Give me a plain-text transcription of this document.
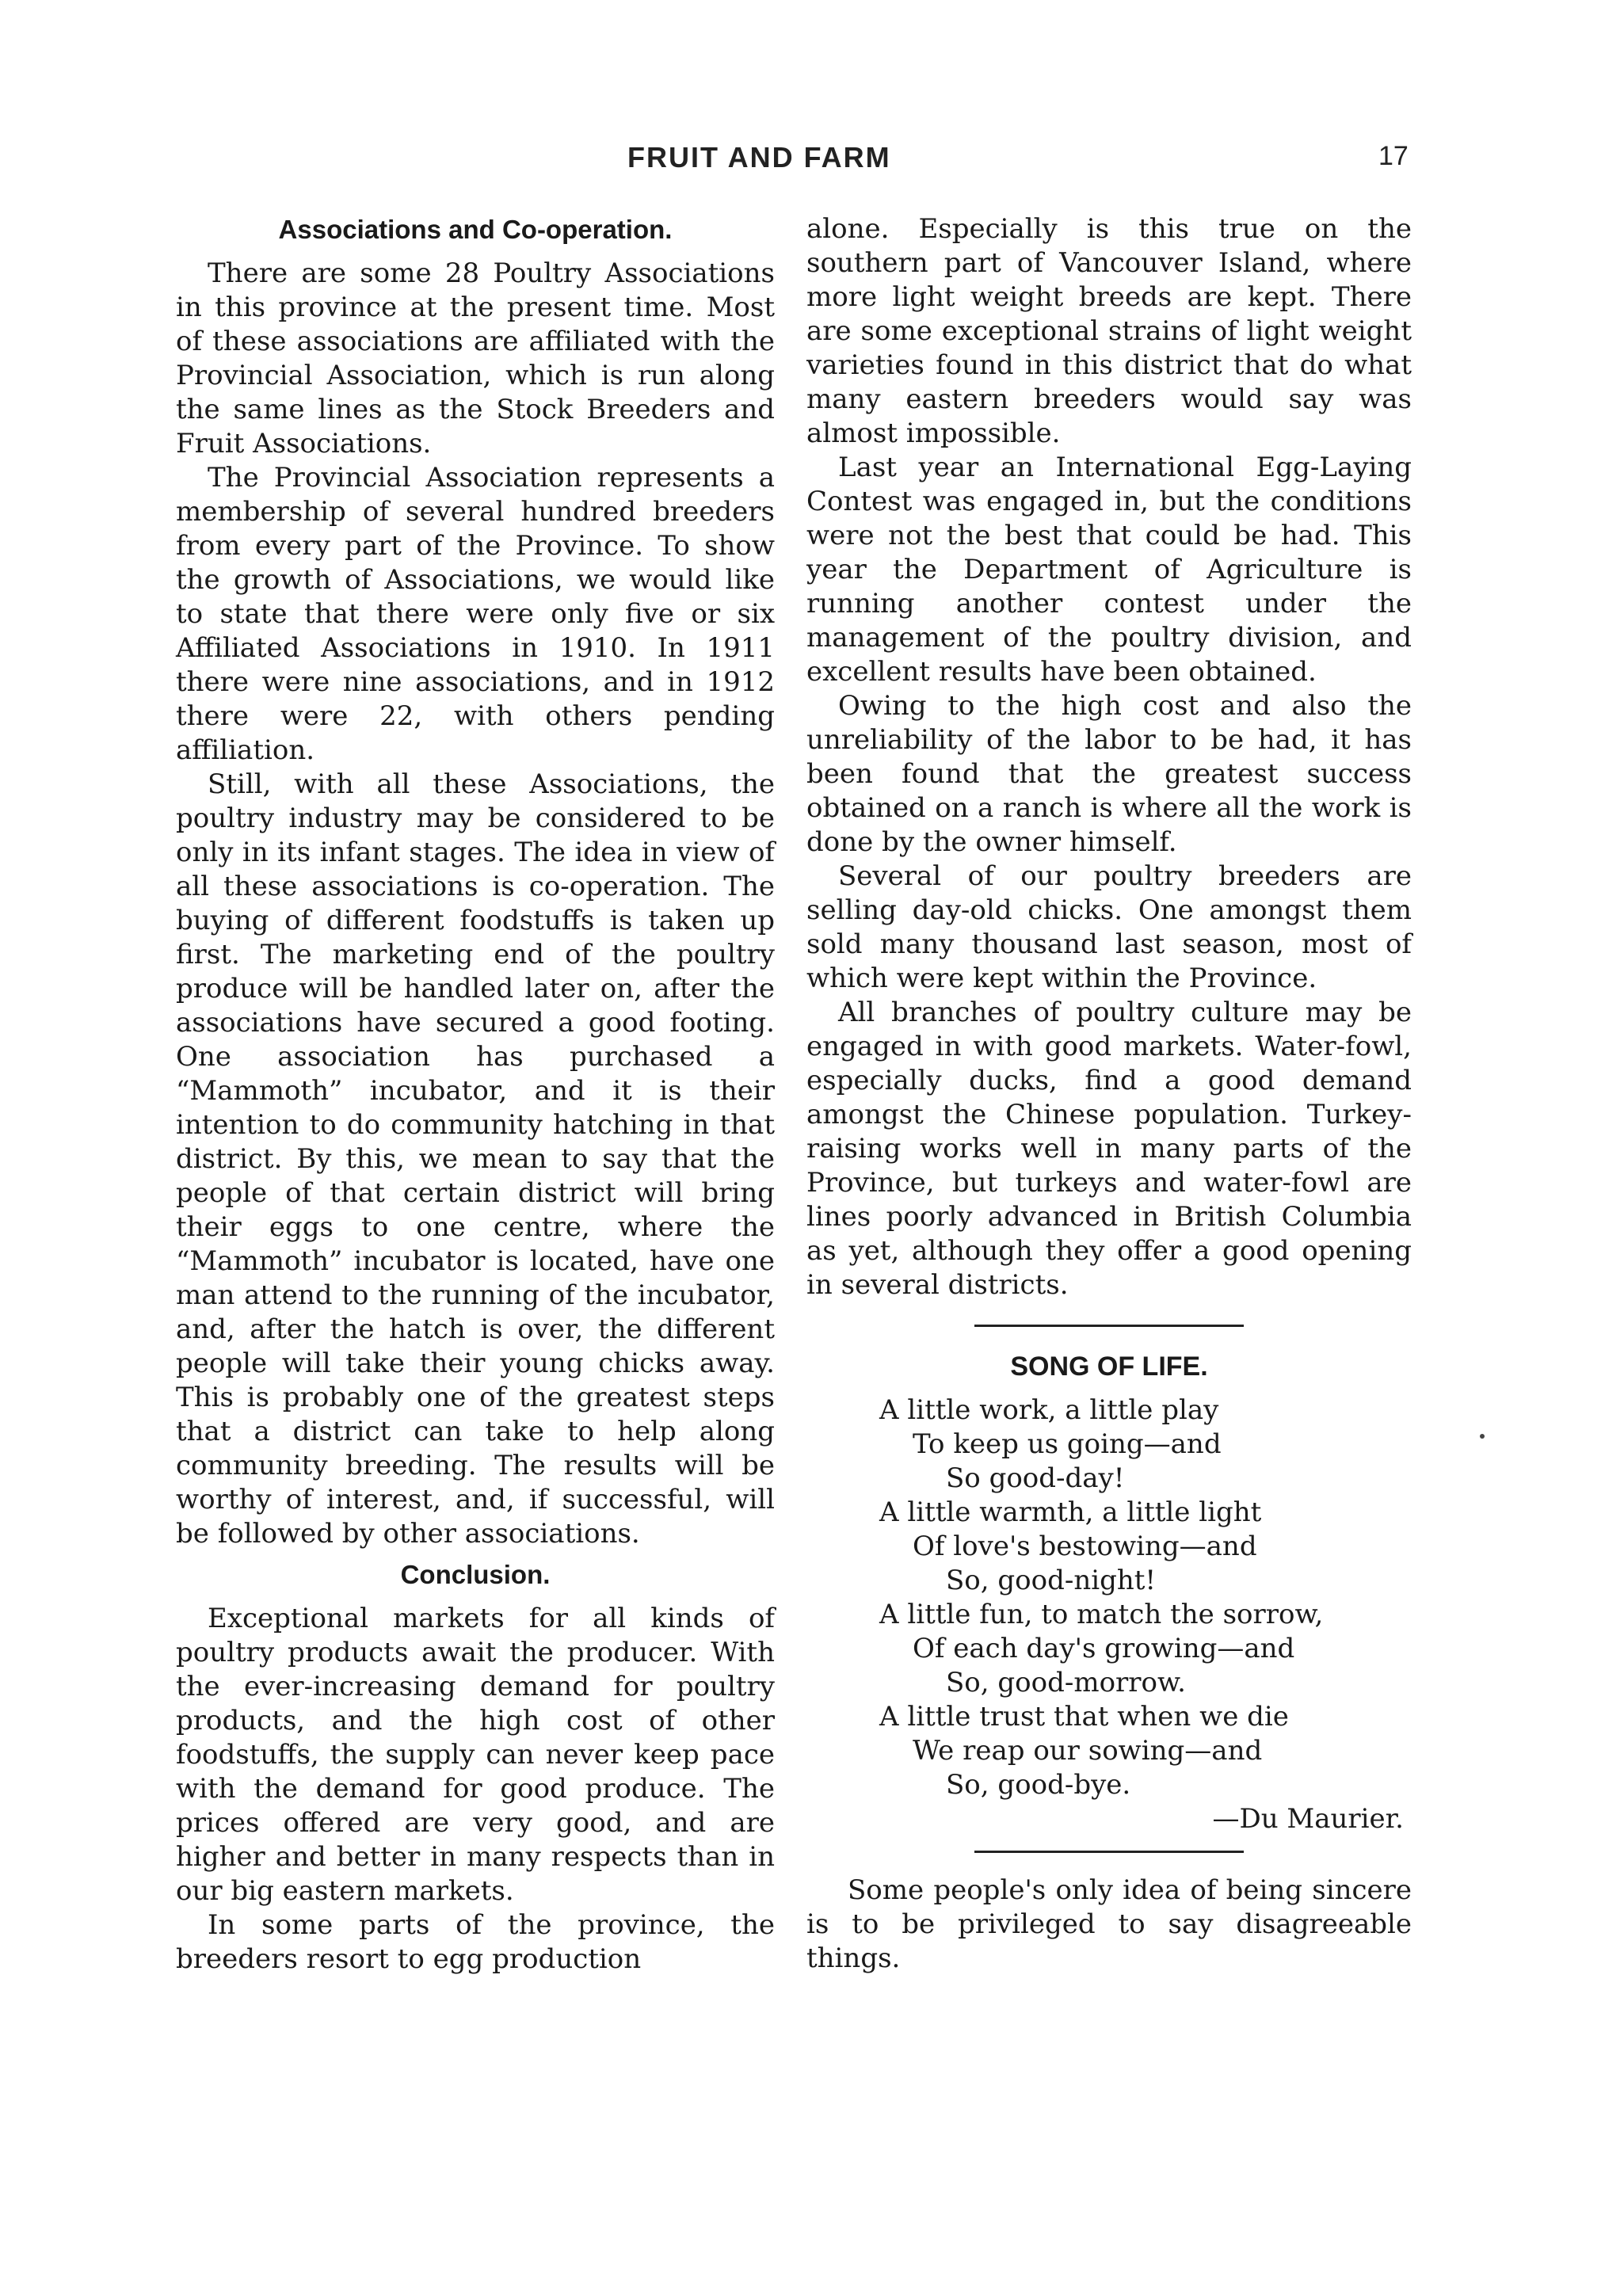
FRUIT AND FARM	17
Associations and Co-operation.

There are some 28 Poultry Associations in this province at the present time. Most of these associations are affiliated with the Provincial Association, which is run along the same lines as the Stock Breeders and Fruit Associations.

The Provincial Association represents a membership of several hundred breeders from every part of the Province. To show the growth of Associations, we would like to state that there were only five or six Affiliated Associations in 1910. In 1911 there were nine associations, and in 1912 there were 22, with others pending affiliation.

Still, with all these Associations, the poultry industry may be considered to be only in its infant stages. The idea in view of all these associations is co-operation. The buying of different foodstuffs is taken up first. The marketing end of the poultry produce will be handled later on, after the associations have secured a good footing. One association has purchased a “Mammoth” incubator, and it is their intention to do community hatching in that district. By this, we mean to say that the people of that certain district will bring their eggs to one centre, where the “Mammoth” incubator is located, have one man attend to the running of the incubator, and, after the hatch is over, the different people will take their young chicks away. This is probably one of the greatest steps that a district can take to help along community breeding. The results will be worthy of interest, and, if successful, will be followed by other associations.

Conclusion.

Exceptional markets for all kinds of poultry products await the producer. With the ever-increasing demand for poultry products, and the high cost of other foodstuffs, the supply can never keep pace with the demand for good produce. The prices offered are very good, and are higher and better in many respects than in our big eastern markets.

In some parts of the province, the breeders resort to egg production

alone. Especially is this true on the southern part of Vancouver Island, where more light weight breeds are kept. There are some exceptional strains of light weight varieties found in this district that do what many eastern breeders would say was almost impossible.

Last year an International Egg-Laying Contest was engaged in, but the conditions were not the best that could be had. This year the Department of Agriculture is running another contest under the management of the poultry division, and excellent results have been obtained.

Owing to the high cost and also the unreliability of the labor to be had, it has been found that the greatest success obtained on a ranch is where all the work is done by the owner himself.

Several of our poultry breeders are selling day-old chicks. One amongst them sold many thousand last season, most of which were kept within the Province.

All branches of poultry culture may be engaged in with good markets. Water-fowl, especially ducks, find a good demand amongst the Chinese population. Turkey-raising works well in many parts of the Province, but turkeys and water-fowl are lines poorly advanced in British Columbia as yet, although they offer a good opening in several districts.

SONG OF LIFE.
A little work, a little play
To keep us going—and
So good-day!
A little warmth, a little light
Of love's bestowing—and
So, good-night!
A little fun, to match the sorrow,
Of each day's growing—and
So, good-morrow.
A little trust that when we die
We reap our sowing—and
So, good-bye.
—Du Maurier.

Some people's only idea of being sincere is to be privileged to say disagreeable things.
